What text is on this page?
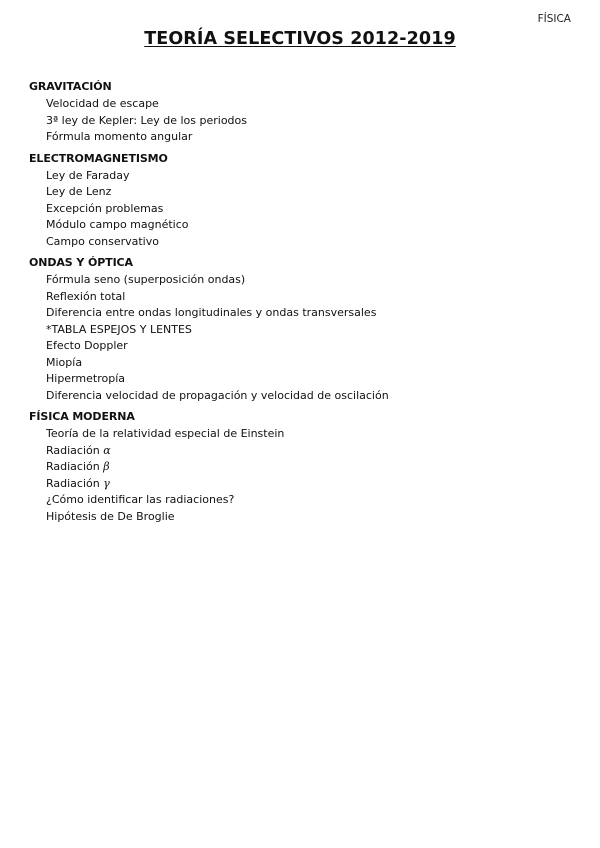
FÍSICA
TEORÍA SELECTIVOS 2012-2019

GRAVITACIÓN

Velocidad de escape
3ª ley de Kepler: Ley de los periodos
Fórmula momento angular

ELECTROMAGNETISMO

Ley de Faraday
Ley de Lenz
Excepción problemas
Módulo campo magnético
Campo conservativo

ONDAS Y ÓPTICA

Fórmula seno (superposición ondas)
Reflexión total
Diferencia entre ondas longitudinales y ondas transversales
*TABLA ESPEJOS Y LENTES
Efecto Doppler
Miopía
Hipermetropía
Diferencia velocidad de propagación y velocidad de oscilación

FÍSICA MODERNA

Teoría de la relatividad especial de Einstein
Radiación α
Radiación β
Radiación γ
¿Cómo identificar las radiaciones?
Hipótesis de De Broglie
